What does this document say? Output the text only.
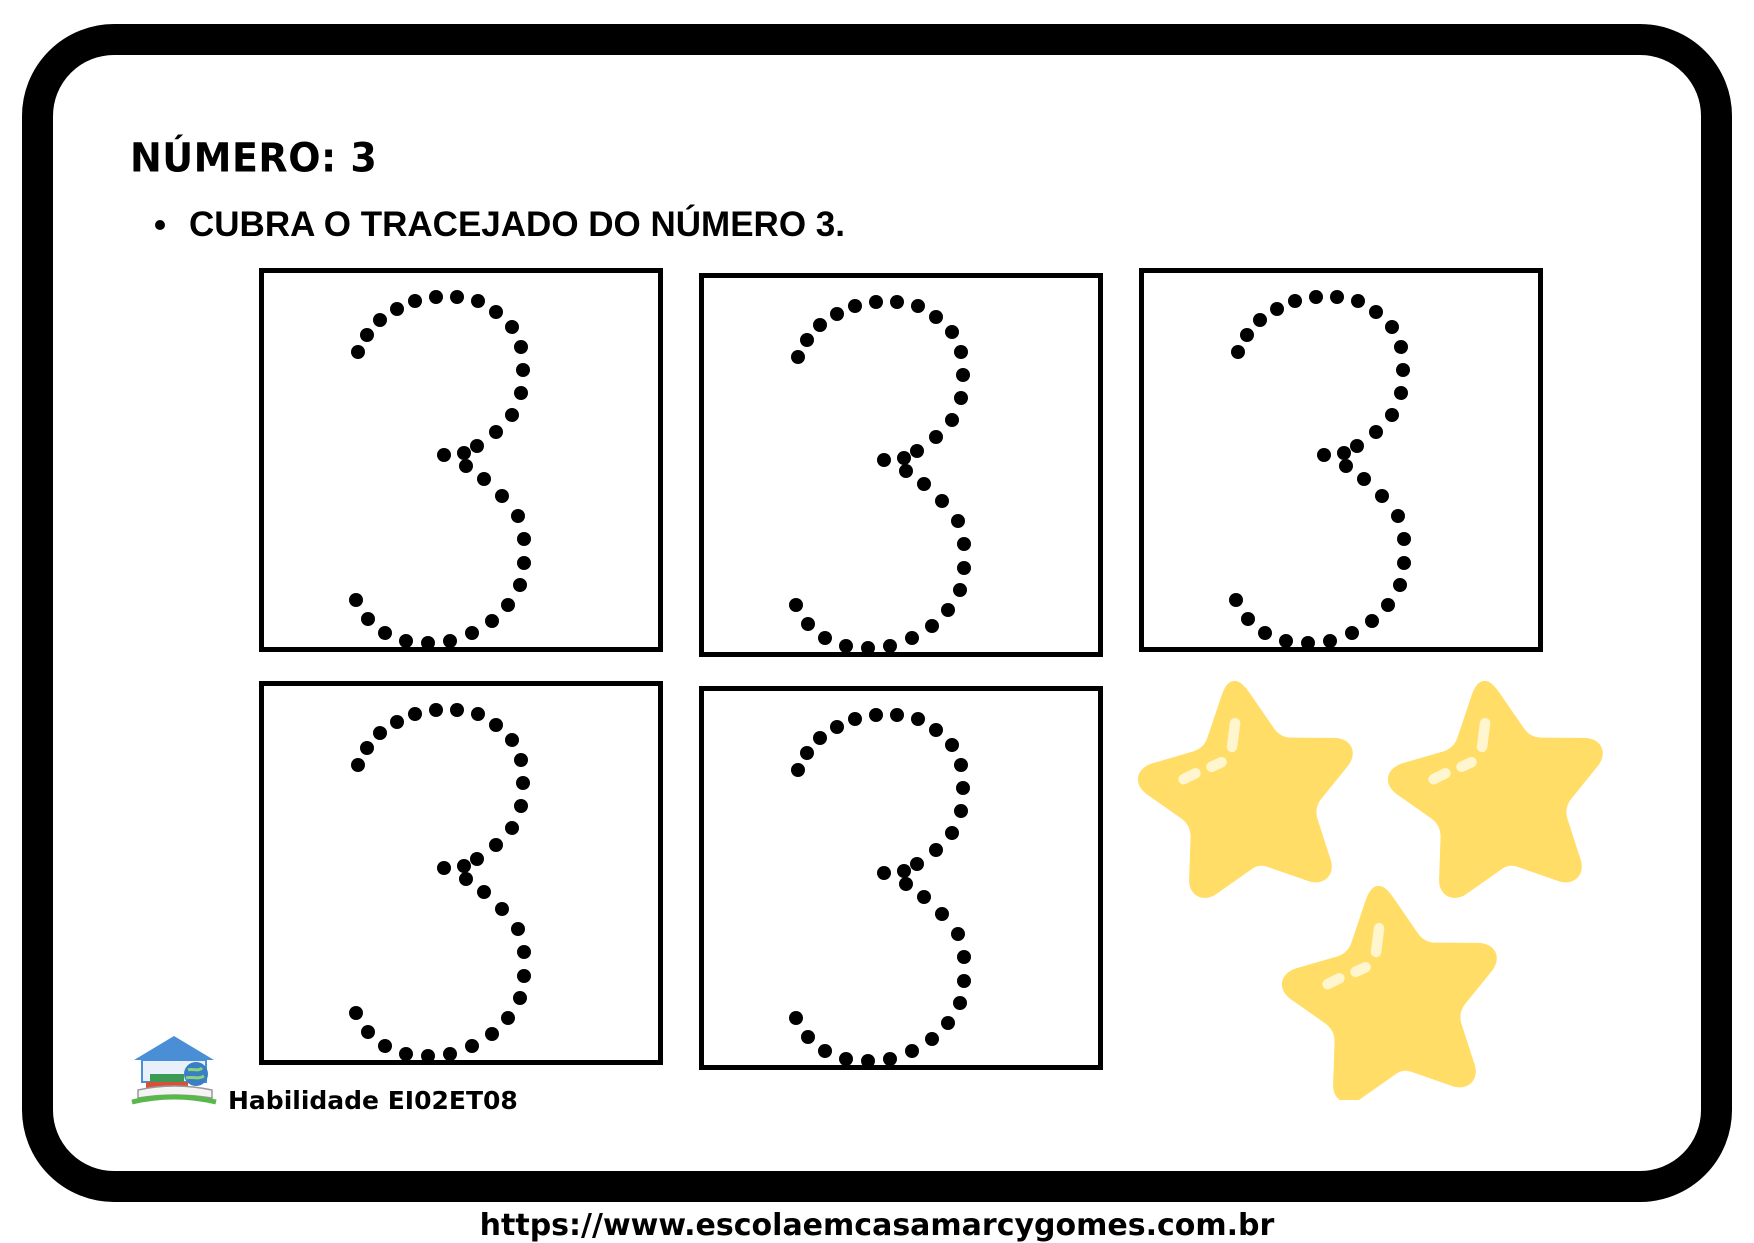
NÚMERO: 3
CUBRA O TRACEJADO DO NÚMERO 3.
Habilidade EI02ET08
https://www.escolaemcasamarcygomes.com.br
